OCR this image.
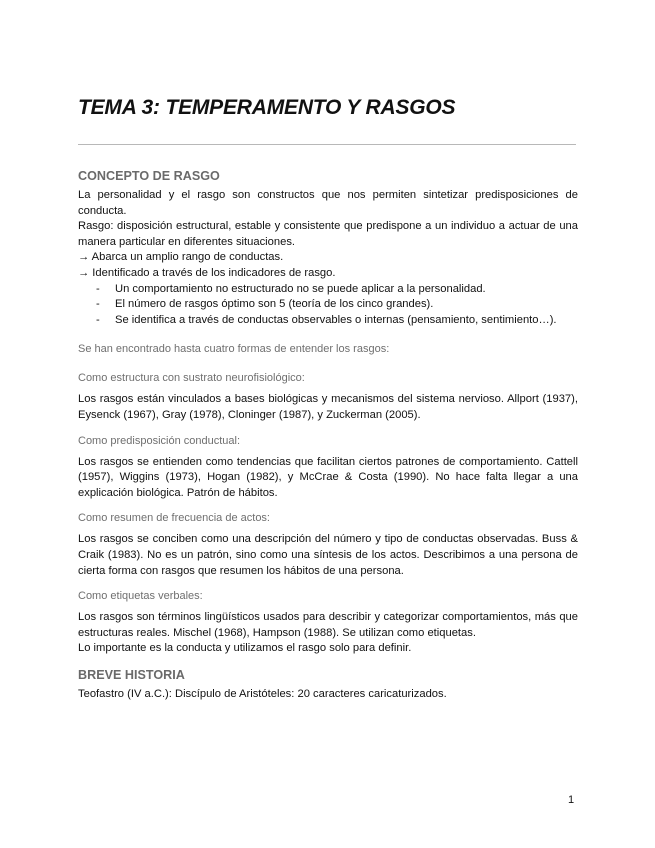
TEMA 3: TEMPERAMENTO Y RASGOS
CONCEPTO DE RASGO

La personalidad y el rasgo son constructos que nos permiten sintetizar predisposiciones de conducta.

Rasgo: disposición estructural, estable y consistente que predispone a un individuo a actuar de una manera particular en diferentes situaciones.

→ Abarca un amplio rango de conductas.

→ Identificado a través de los indicadores de rasgo.

- Un comportamiento no estructurado no se puede aplicar a la personalidad.
- El número de rasgos óptimo son 5 (teoría de los cinco grandes).
- Se identifica a través de conductas observables o internas (pensamiento, sentimiento…).

Se han encontrado hasta cuatro formas de entender los rasgos:

Como estructura con sustrato neurofisiológico:

Los rasgos están vinculados a bases biológicas y mecanismos del sistema nervioso. Allport (1937), Eysenck (1967), Gray (1978), Cloninger (1987), y Zuckerman (2005).

Como predisposición conductual:

Los rasgos se entienden como tendencias que facilitan ciertos patrones de comportamiento. Cattell (1957), Wiggins (1973), Hogan (1982), y McCrae & Costa (1990). No hace falta llegar a una explicación biológica. Patrón de hábitos.

Como resumen de frecuencia de actos:

Los rasgos se conciben como una descripción del número y tipo de conductas observadas. Buss & Craik (1983). No es un patrón, sino como una síntesis de los actos. Describimos a una persona de cierta forma con rasgos que resumen los hábitos de una persona.

Como etiquetas verbales:

Los rasgos son términos lingüísticos usados para describir y categorizar comportamientos, más que estructuras reales. Mischel (1968), Hampson (1988). Se utilizan como etiquetas.

Lo importante es la conducta y utilizamos el rasgo solo para definir.

BREVE HISTORIA

Teofastro (IV a.C.): Discípulo de Aristóteles: 20 caracteres caricaturizados.

1
